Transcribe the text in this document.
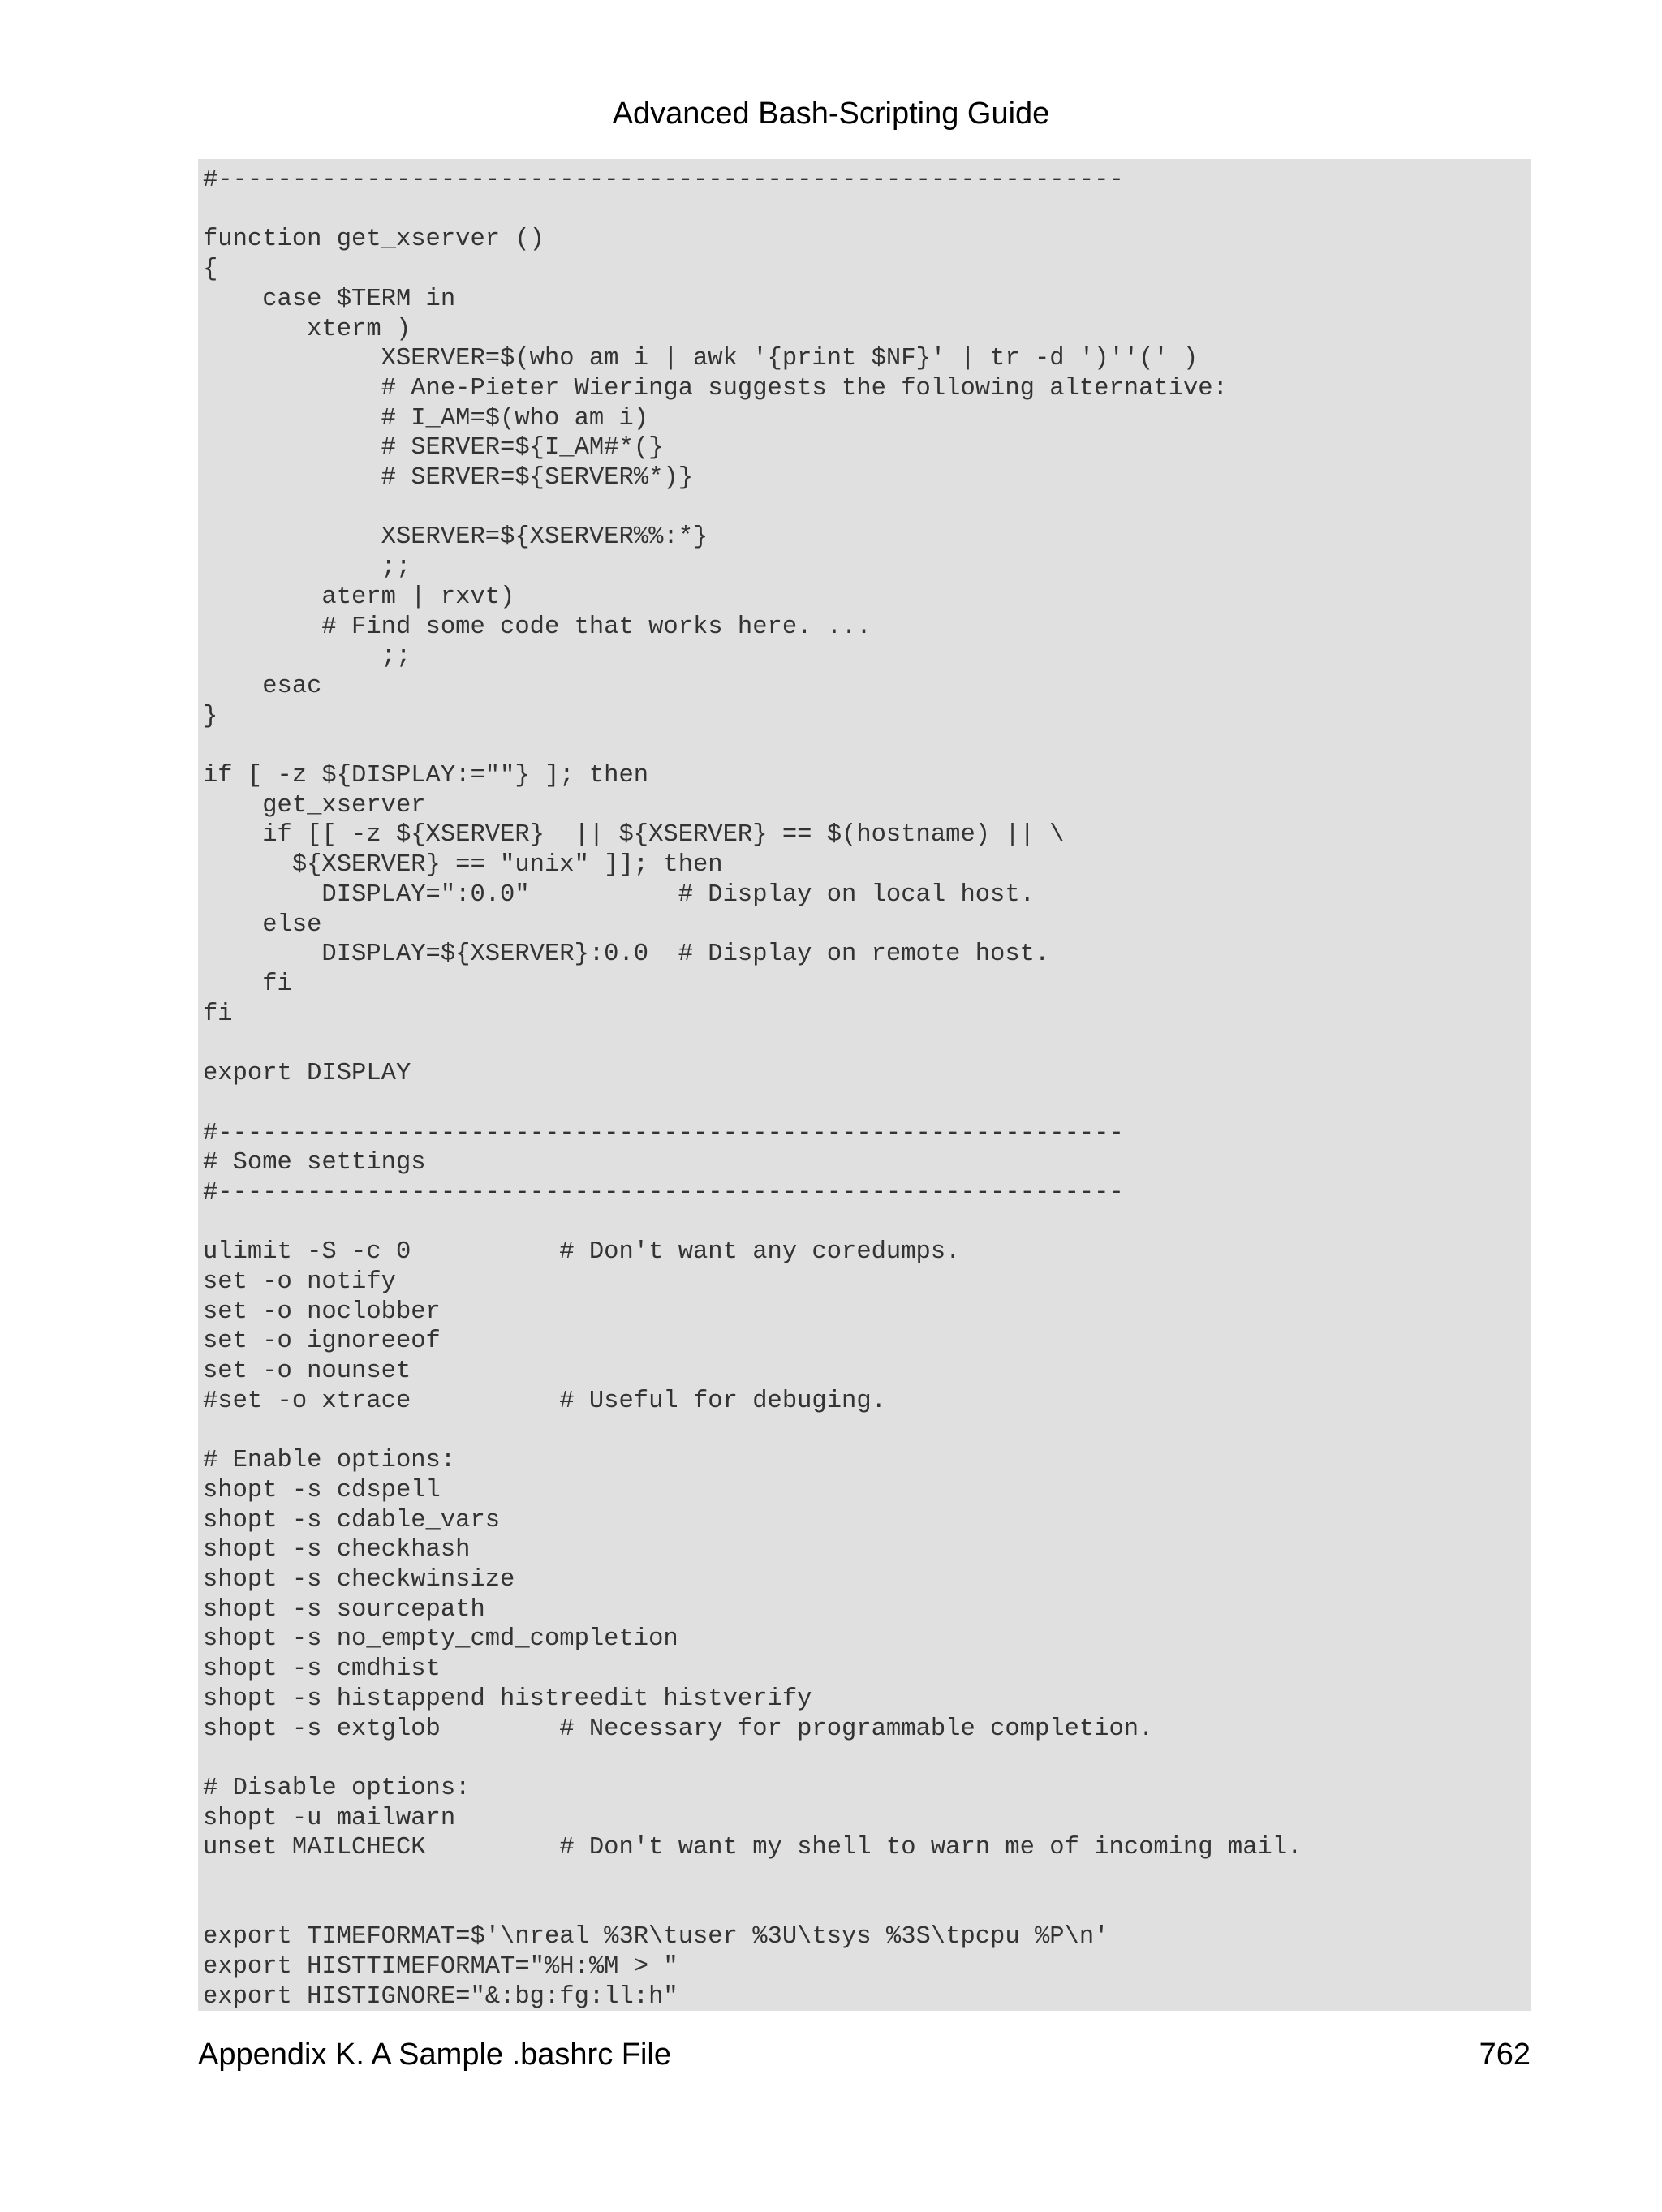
Advanced Bash-Scripting Guide
#-------------------------------------------------------------

function get_xserver ()
{
case $TERM in
xterm )
XSERVER=$(who am i | awk '{print $NF}' | tr -d ')''(' )
# Ane-Pieter Wieringa suggests the following alternative:
# I_AM=$(who am i)
# SERVER=${I_AM#*(}
# SERVER=${SERVER%*)}

XSERVER=${XSERVER%%:*}
;;
aterm | rxvt)
# Find some code that works here. ...
;;
esac
}

if [ -z ${DISPLAY:=""} ]; then
get_xserver
if [[ -z ${XSERVER}  || ${XSERVER} == $(hostname) || \
${XSERVER} == "unix" ]]; then
DISPLAY=":0.0"          # Display on local host.
else
DISPLAY=${XSERVER}:0.0  # Display on remote host.
fi
fi

export DISPLAY

#-------------------------------------------------------------
# Some settings
#-------------------------------------------------------------

ulimit -S -c 0          # Don't want any coredumps.
set -o notify
set -o noclobber
set -o ignoreeof
set -o nounset
#set -o xtrace          # Useful for debuging.

# Enable options:
shopt -s cdspell
shopt -s cdable_vars
shopt -s checkhash
shopt -s checkwinsize
shopt -s sourcepath
shopt -s no_empty_cmd_completion
shopt -s cmdhist
shopt -s histappend histreedit histverify
shopt -s extglob        # Necessary for programmable completion.

# Disable options:
shopt -u mailwarn
unset MAILCHECK         # Don't want my shell to warn me of incoming mail.

export TIMEFORMAT=$'\nreal %3R\tuser %3U\tsys %3S\tpcpu %P\n'
export HISTTIMEFORMAT="%H:%M > "
export HISTIGNORE="&:bg:fg:ll:h"
Appendix K. A Sample .bashrc File	762
